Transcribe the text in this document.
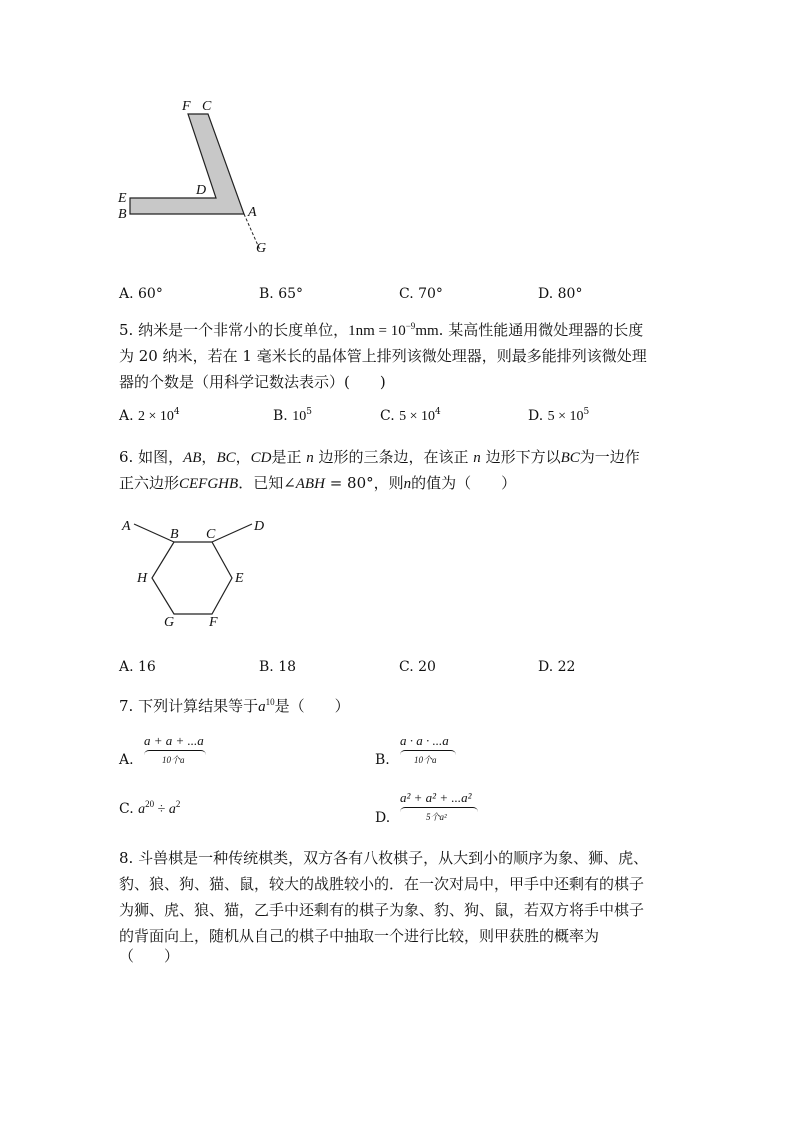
F C
E
D
B	A
G
A. 60°	B. 65°	C. 70°	D. 80°
5. 纳米是一个非常小的长度单位，$1nm = 10^{-9}mm$. 某高性能通用微处理器的长度
为 20 纳米，若在 1 毫米长的晶体管上排列该微处理器，则最多能排列该微处理
器的个数是（用科学记数法表示）(　　)
A. $2 \times 10^4$	B. $10^5$	C. $5 \times 10^4$	D. $5 \times 10^5$
6. 如图，AB，BC，CD是正 n 边形的三条边，在该正 n 边形下方以BC为一边作
正六边形CEFGHB．已知∠ABH = 80°，则n的值为（　　）
A
B C
D
H	E
G F
A. 16	B. 18	C. 20	D. 22
7. 下列计算结果等于$a^{10}$是（　　）
A.
a + a + ...a
10个a	B.
a · a · ...a
10个a
C. $a^{20} \div a^2$
D.
a² + a² + ...a²
5个a²
8. 斗兽棋是一种传统棋类，双方各有八枚棋子，从大到小的顺序为象、狮、虎、
豹、狼、狗、猫、鼠，较大的战胜较小的．在一次对局中，甲手中还剩有的棋子
为狮、虎、狼、猫，乙手中还剩有的棋子为象、豹、狗、鼠，若双方将手中棋子
的背面向上，随机从自己的棋子中抽取一个进行比较，则甲获胜的概率为
（　　）
